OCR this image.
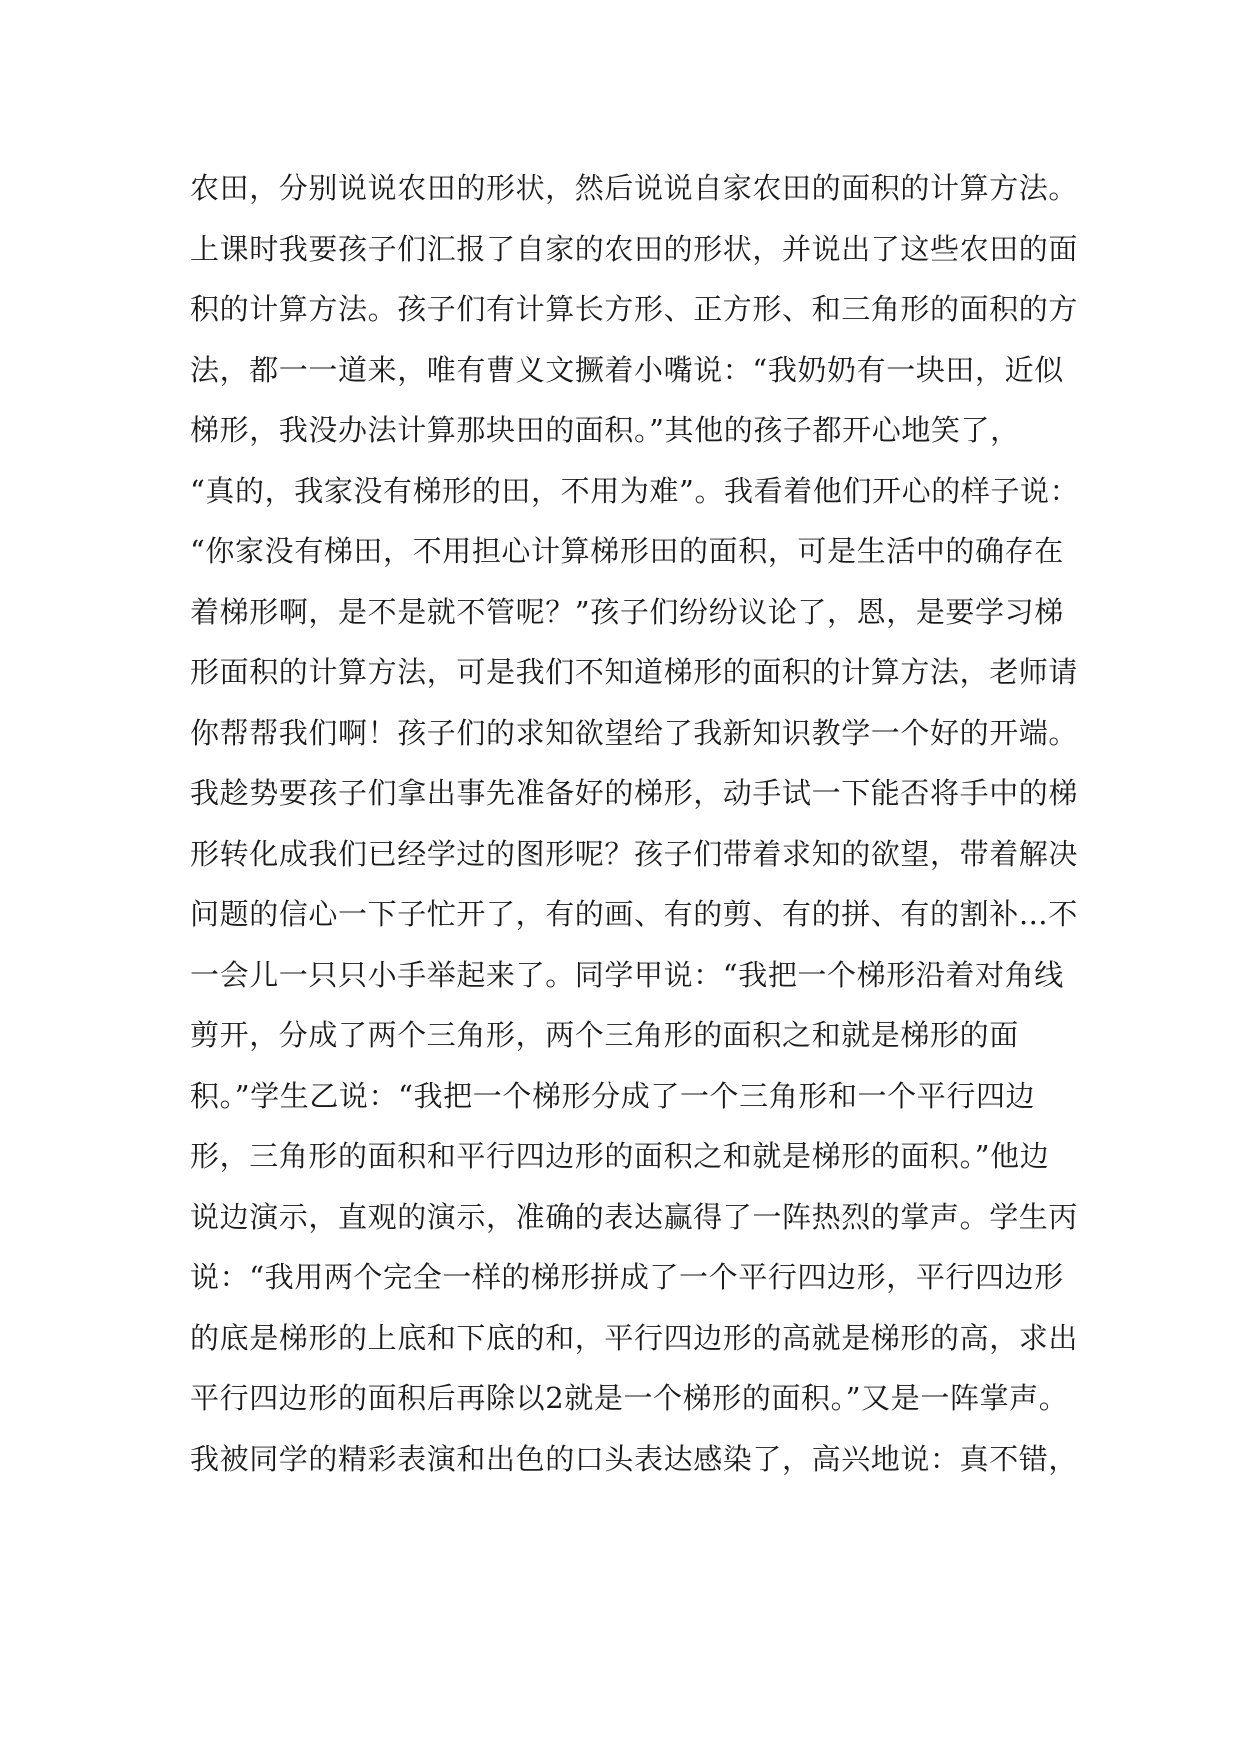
农田，分别说说农田的形状，然后说说自家农田的面积的计算方法。
上课时我要孩子们汇报了自家的农田的形状，并说出了这些农田的面
积的计算方法。孩子们有计算长方形、正方形、和三角形的面积的方
法，都一一道来，唯有曹义文撅着小嘴说：“我奶奶有一块田，近似
梯形，我没办法计算那块田的面积。”其他的孩子都开心地笑了，
“真的，我家没有梯形的田，不用为难”。我看着他们开心的样子说：
“你家没有梯田，不用担心计算梯形田的面积，可是生活中的确存在
着梯形啊，是不是就不管呢？”孩子们纷纷议论了，恩，是要学习梯
形面积的计算方法，可是我们不知道梯形的面积的计算方法，老师请
你帮帮我们啊！孩子们的求知欲望给了我新知识教学一个好的开端。
我趁势要孩子们拿出事先准备好的梯形，动手试一下能否将手中的梯
形转化成我们已经学过的图形呢？孩子们带着求知的欲望，带着解决
问题的信心一下子忙开了，有的画、有的剪、有的拼、有的割补…不
一会儿一只只小手举起来了。同学甲说：“我把一个梯形沿着对角线
剪开，分成了两个三角形，两个三角形的面积之和就是梯形的面
积。”学生乙说：“我把一个梯形分成了一个三角形和一个平行四边
形，三角形的面积和平行四边形的面积之和就是梯形的面积。”他边
说边演示，直观的演示，准确的表达赢得了一阵热烈的掌声。学生丙
说：“我用两个完全一样的梯形拼成了一个平行四边形，平行四边形
的底是梯形的上底和下底的和，平行四边形的高就是梯形的高，求出
平行四边形的面积后再除以2就是一个梯形的面积。”又是一阵掌声。
我被同学的精彩表演和出色的口头表达感染了，高兴地说：真不错，
